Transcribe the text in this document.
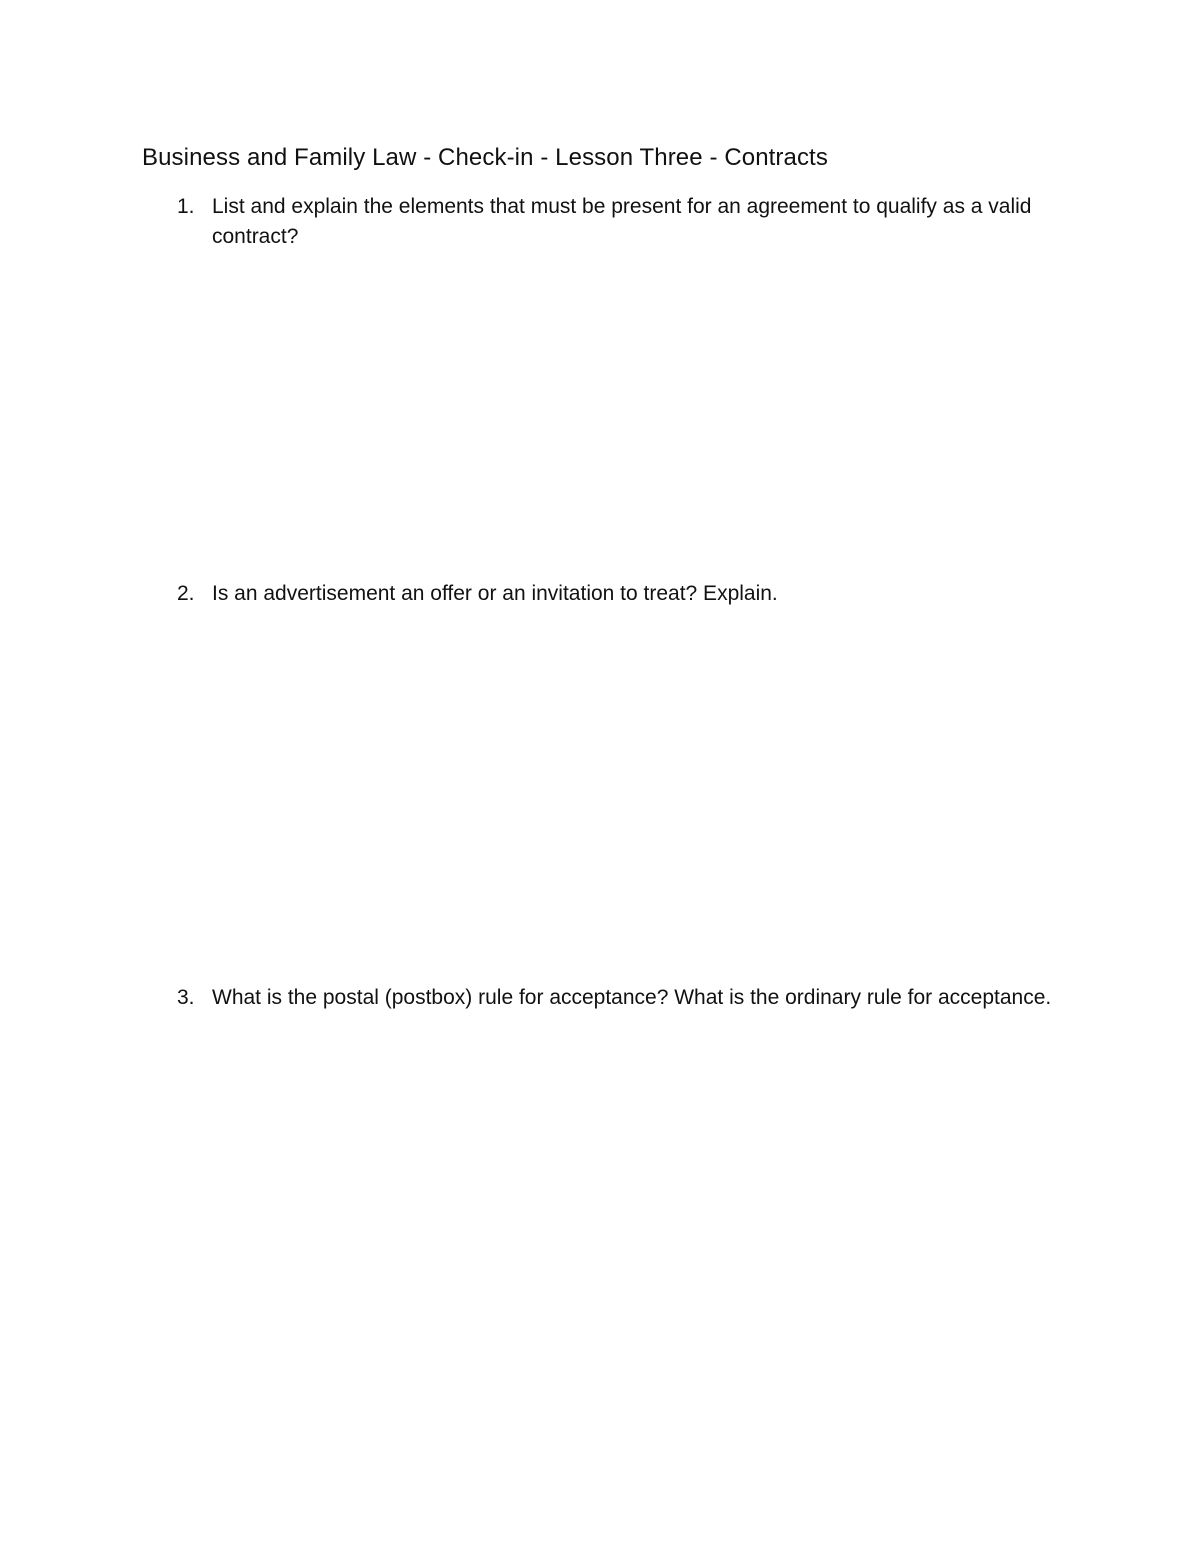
Business and Family Law - Check-in - Lesson Three - Contracts
1. List and explain the elements that must be present for an agreement to qualify as a valid contract?
2. Is an advertisement an offer or an invitation to treat? Explain.
3. What is the postal (postbox) rule for acceptance? What is the ordinary rule for acceptance.
